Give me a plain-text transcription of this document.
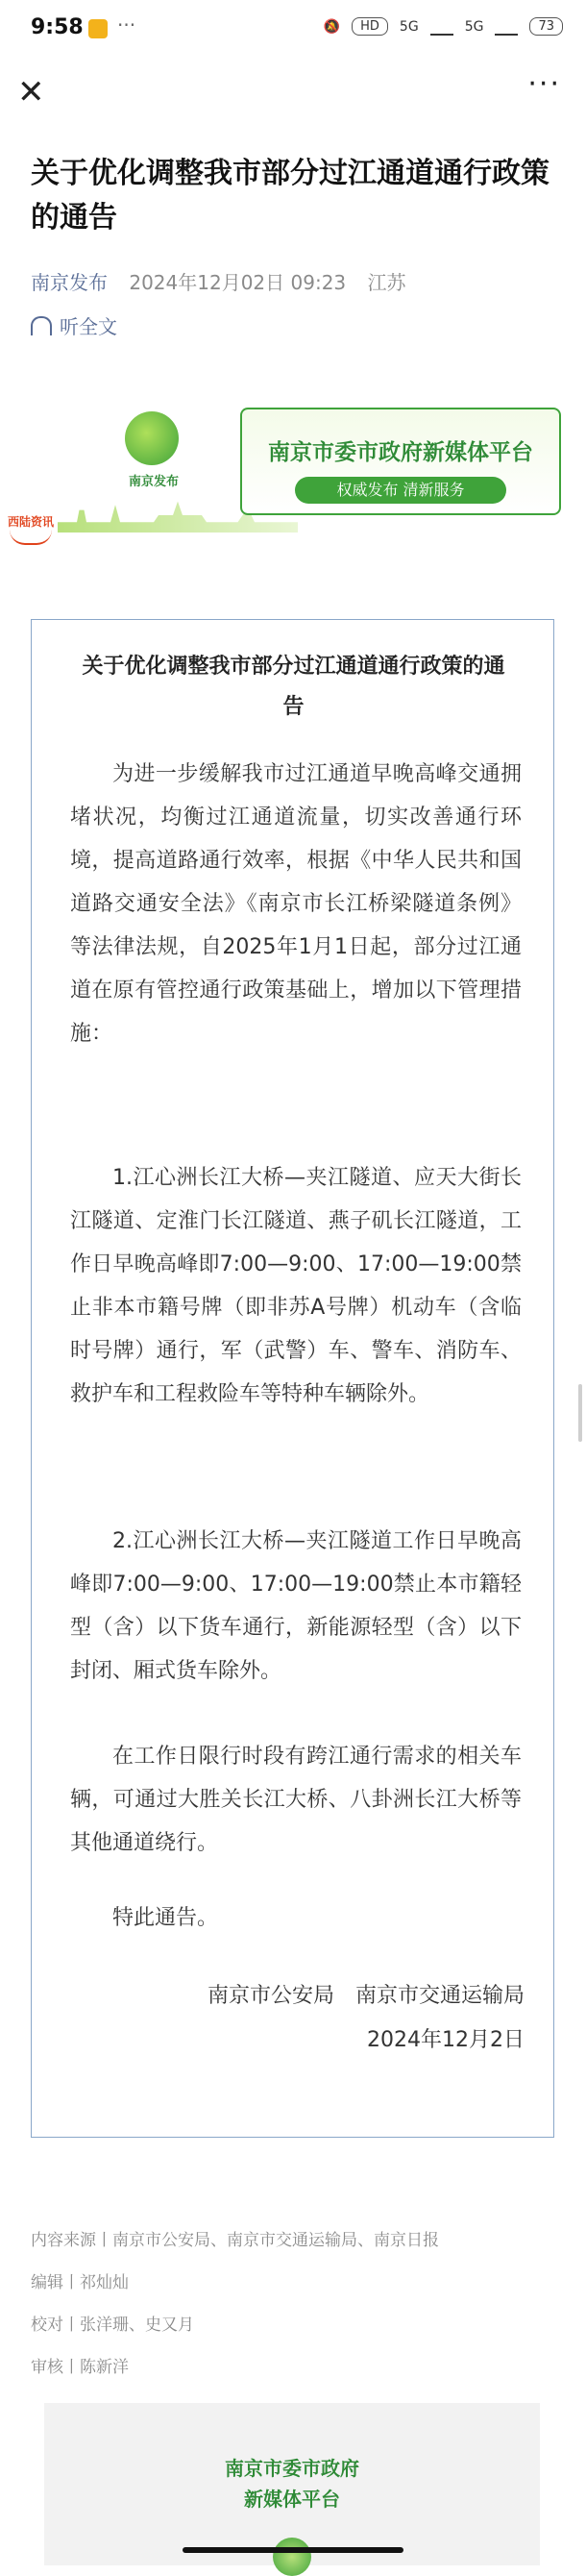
9:58 ···	🔕	HD	5G	5G	73
✕	···
关于优化调整我市部分过江通道通行政策的通告
南京发布 2024年12月02日 09:23 江苏
听全文
南京发布
南京市委市政府新媒体平台
权威发布 清新服务
西陆资讯
关于优化调整我市部分过江通道通行政策的通告
为进一步缓解我市过江通道早晚高峰交通拥堵状况，均衡过江通道流量，切实改善通行环境，提高道路通行效率，根据《中华人民共和国道路交通安全法》《南京市长江桥梁隧道条例》等法律法规，自2025年1月1日起，部分过江通道在原有管控通行政策基础上，增加以下管理措施：
1.江心洲长江大桥—夹江隧道、应天大街长江隧道、定淮门长江隧道、燕子矶长江隧道，工作日早晚高峰即7:00—9:00、17:00—19:00禁止非本市籍号牌（即非苏A号牌）机动车（含临时号牌）通行，军（武警）车、警车、消防车、救护车和工程救险车等特种车辆除外。
2.江心洲长江大桥—夹江隧道工作日早晚高峰即7:00—9:00、17:00—19:00禁止本市籍轻型（含）以下货车通行，新能源轻型（含）以下封闭、厢式货车除外。
在工作日限行时段有跨江通行需求的相关车辆，可通过大胜关长江大桥、八卦洲长江大桥等其他通道绕行。
特此通告。
南京市公安局　南京市交通运输局
2024年12月2日
内容来源丨南京市公安局、南京市交通运输局、南京日报
编辑丨祁灿灿
校对丨张洋珊、史又月
审核丨陈新洋
南京市委市政府
新媒体平台
